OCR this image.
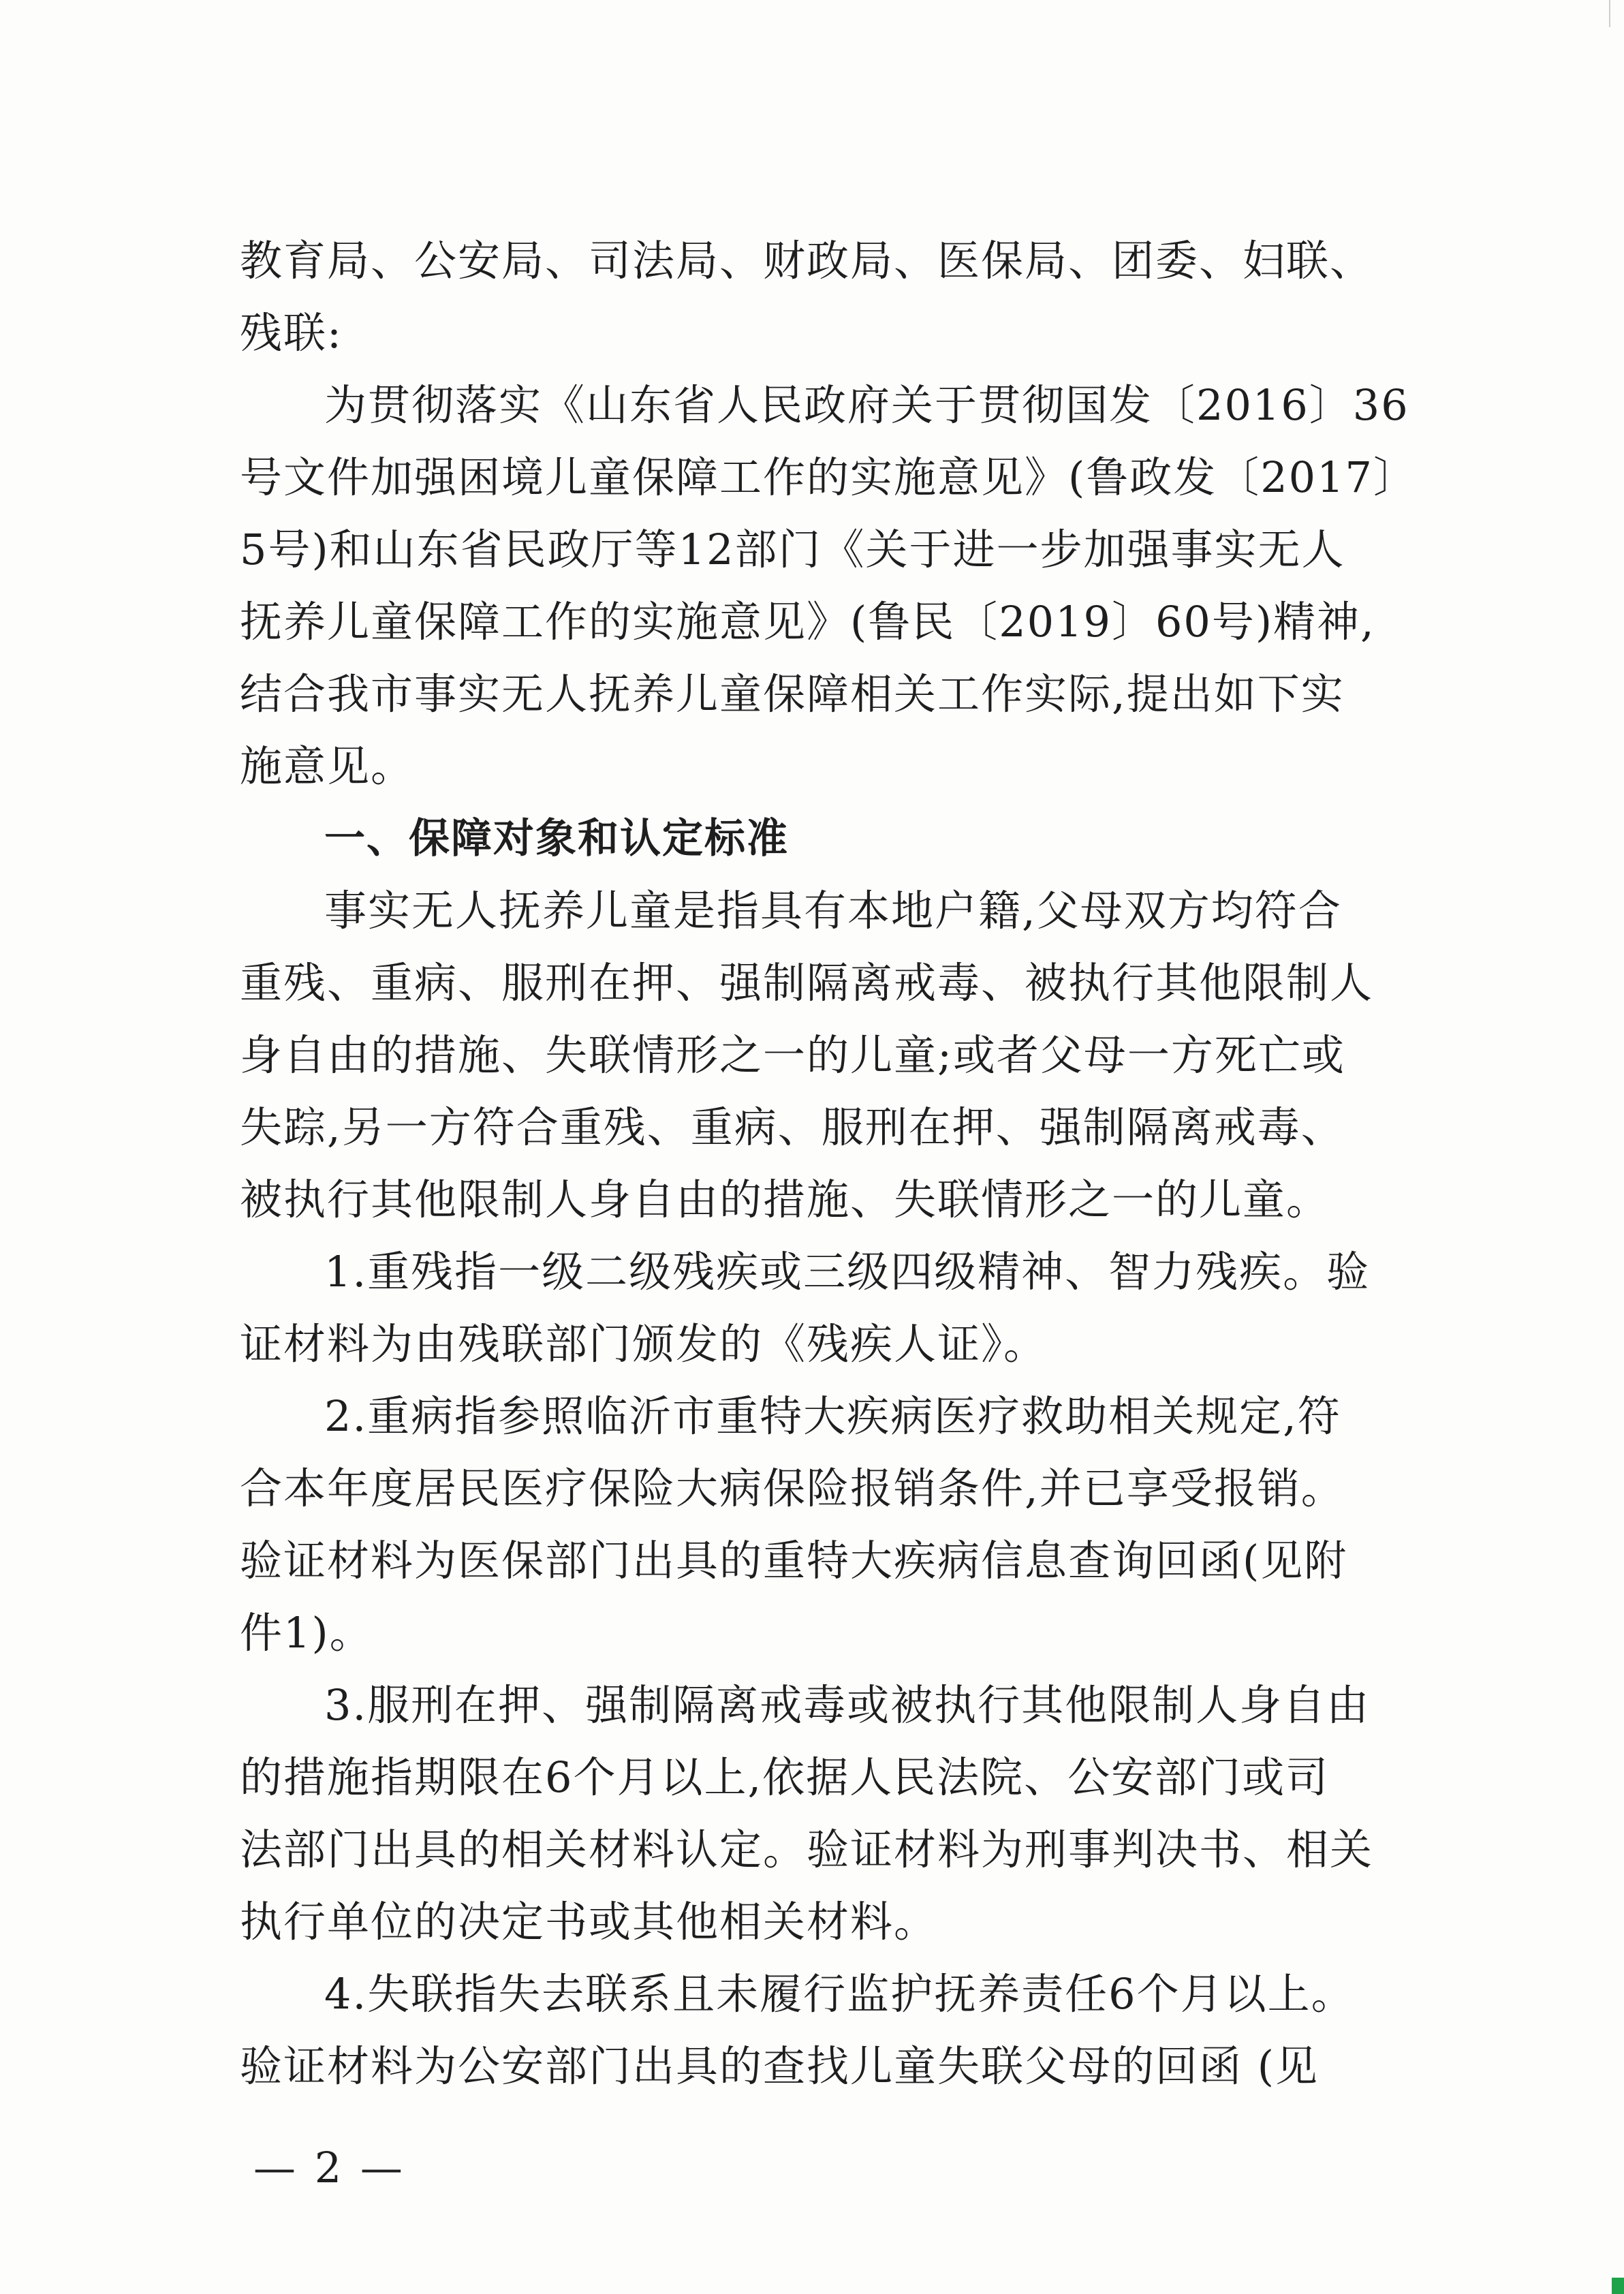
教育局、公安局、司法局、财政局、医保局、团委、妇联、
残联:
为贯彻落实《山东省人民政府关于贯彻国发〔2016〕36
号文件加强困境儿童保障工作的实施意见》(鲁政发〔2017〕
5号)和山东省民政厅等12部门《关于进一步加强事实无人
抚养儿童保障工作的实施意见》(鲁民〔2019〕60号)精神,
结合我市事实无人抚养儿童保障相关工作实际,提出如下实
施意见。
一、保障对象和认定标准
事实无人抚养儿童是指具有本地户籍,父母双方均符合
重残、重病、服刑在押、强制隔离戒毒、被执行其他限制人
身自由的措施、失联情形之一的儿童;或者父母一方死亡或
失踪,另一方符合重残、重病、服刑在押、强制隔离戒毒、
被执行其他限制人身自由的措施、失联情形之一的儿童。
1.重残指一级二级残疾或三级四级精神、智力残疾。验
证材料为由残联部门颁发的《残疾人证》。
2.重病指参照临沂市重特大疾病医疗救助相关规定,符
合本年度居民医疗保险大病保险报销条件,并已享受报销。
验证材料为医保部门出具的重特大疾病信息查询回函(见附
件1)。
3.服刑在押、强制隔离戒毒或被执行其他限制人身自由
的措施指期限在6个月以上,依据人民法院、公安部门或司
法部门出具的相关材料认定。验证材料为刑事判决书、相关
执行单位的决定书或其他相关材料。
4.失联指失去联系且未履行监护抚养责任6个月以上。
验证材料为公安部门出具的查找儿童失联父母的回函 (见
— 2 —
